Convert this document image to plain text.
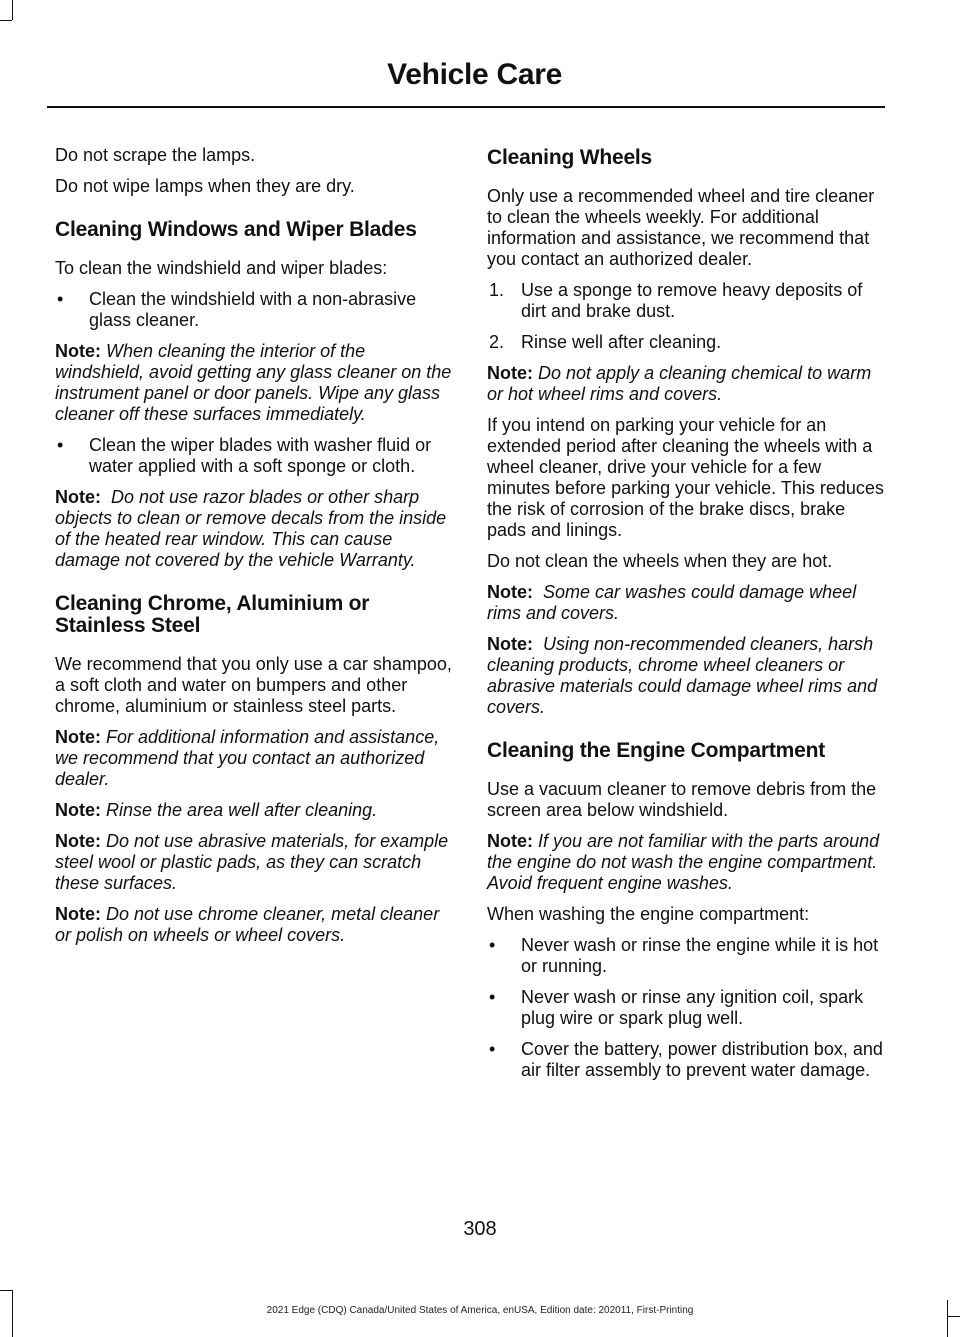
Vehicle Care

Do not scrape the lamps.

Do not wipe lamps when they are dry.

Cleaning Windows and Wiper Blades

To clean the windshield and wiper blades:

• Clean the windshield with a non-abrasive glass cleaner.

Note: When cleaning the interior of the windshield, avoid getting any glass cleaner on the instrument panel or door panels. Wipe any glass cleaner off these surfaces immediately.

• Clean the wiper blades with washer fluid or water applied with a soft sponge or cloth.

Note: Do not use razor blades or other sharp objects to clean or remove decals from the inside of the heated rear window. This can cause damage not covered by the vehicle Warranty.

Cleaning Chrome, Aluminium or Stainless Steel

We recommend that you only use a car shampoo, a soft cloth and water on bumpers and other chrome, aluminium or stainless steel parts.

Note: For additional information and assistance, we recommend that you contact an authorized dealer.

Note: Rinse the area well after cleaning.

Note: Do not use abrasive materials, for example steel wool or plastic pads, as they can scratch these surfaces.

Note: Do not use chrome cleaner, metal cleaner or polish on wheels or wheel covers.

Cleaning Wheels

Only use a recommended wheel and tire cleaner to clean the wheels weekly. For additional information and assistance, we recommend that you contact an authorized dealer.

1. Use a sponge to remove heavy deposits of dirt and brake dust.
2. Rinse well after cleaning.

Note: Do not apply a cleaning chemical to warm or hot wheel rims and covers.

If you intend on parking your vehicle for an extended period after cleaning the wheels with a wheel cleaner, drive your vehicle for a few minutes before parking your vehicle. This reduces the risk of corrosion of the brake discs, brake pads and linings.

Do not clean the wheels when they are hot.

Note: Some car washes could damage wheel rims and covers.

Note: Using non-recommended cleaners, harsh cleaning products, chrome wheel cleaners or abrasive materials could damage wheel rims and covers.

Cleaning the Engine Compartment

Use a vacuum cleaner to remove debris from the screen area below windshield.

Note: If you are not familiar with the parts around the engine do not wash the engine compartment. Avoid frequent engine washes.

When washing the engine compartment:

• Never wash or rinse the engine while it is hot or running.
• Never wash or rinse any ignition coil, spark plug wire or spark plug well.
• Cover the battery, power distribution box, and air filter assembly to prevent water damage.
308
2021 Edge (CDQ) Canada/United States of America, enUSA, Edition date: 202011, First-Printing
